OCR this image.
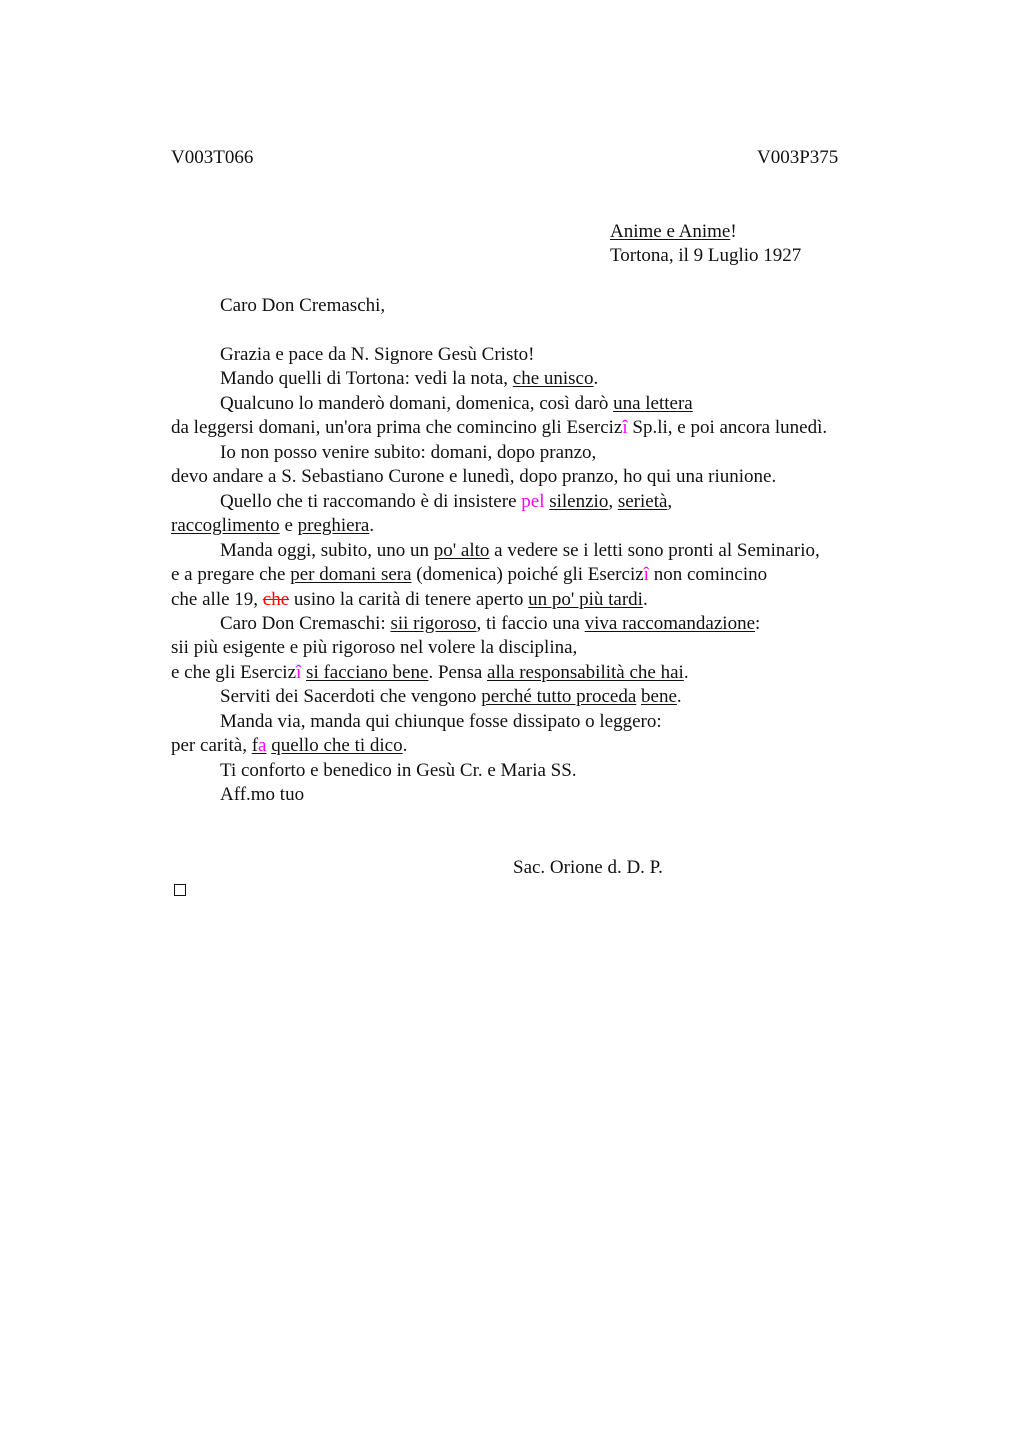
V003T066	V003P375
Anime e Anime!
Tortona, il 9 Luglio 1927
Caro Don Cremaschi,
Grazia e pace da N. Signore Gesù Cristo!
Mando quelli di Tortona: vedi la nota, che unisco.
Qualcuno lo manderò domani, domenica, così darò una lettera
da leggersi domani, un'ora prima che comincino gli Esercizî Sp.li, e poi ancora lunedì.
Io non posso venire subito: domani, dopo pranzo,
devo andare a S. Sebastiano Curone e lunedì, dopo pranzo, ho qui una riunione.
Quello che ti raccomando è di insistere pel silenzio, serietà,
raccoglimento e preghiera.
Manda oggi, subito, uno un po' alto a vedere se i letti sono pronti al Seminario,
e a pregare che per domani sera (domenica) poiché gli Esercizî non comincino
che alle 19, che usino la carità di tenere aperto un po' più tardi.
Caro Don Cremaschi: sii rigoroso, ti faccio una viva raccomandazione:
sii più esigente e più rigoroso nel volere la disciplina,
e che gli Esercizî si facciano bene. Pensa alla responsabilità che hai.
Serviti dei Sacerdoti che vengono perché tutto proceda bene.
Manda via, manda qui chiunque fosse dissipato o leggero:
per carità, fa quello che ti dico.
Ti conforto e benedico in Gesù Cr. e Maria SS.
Aff.mo tuo
Sac. Orione d. D. P.
